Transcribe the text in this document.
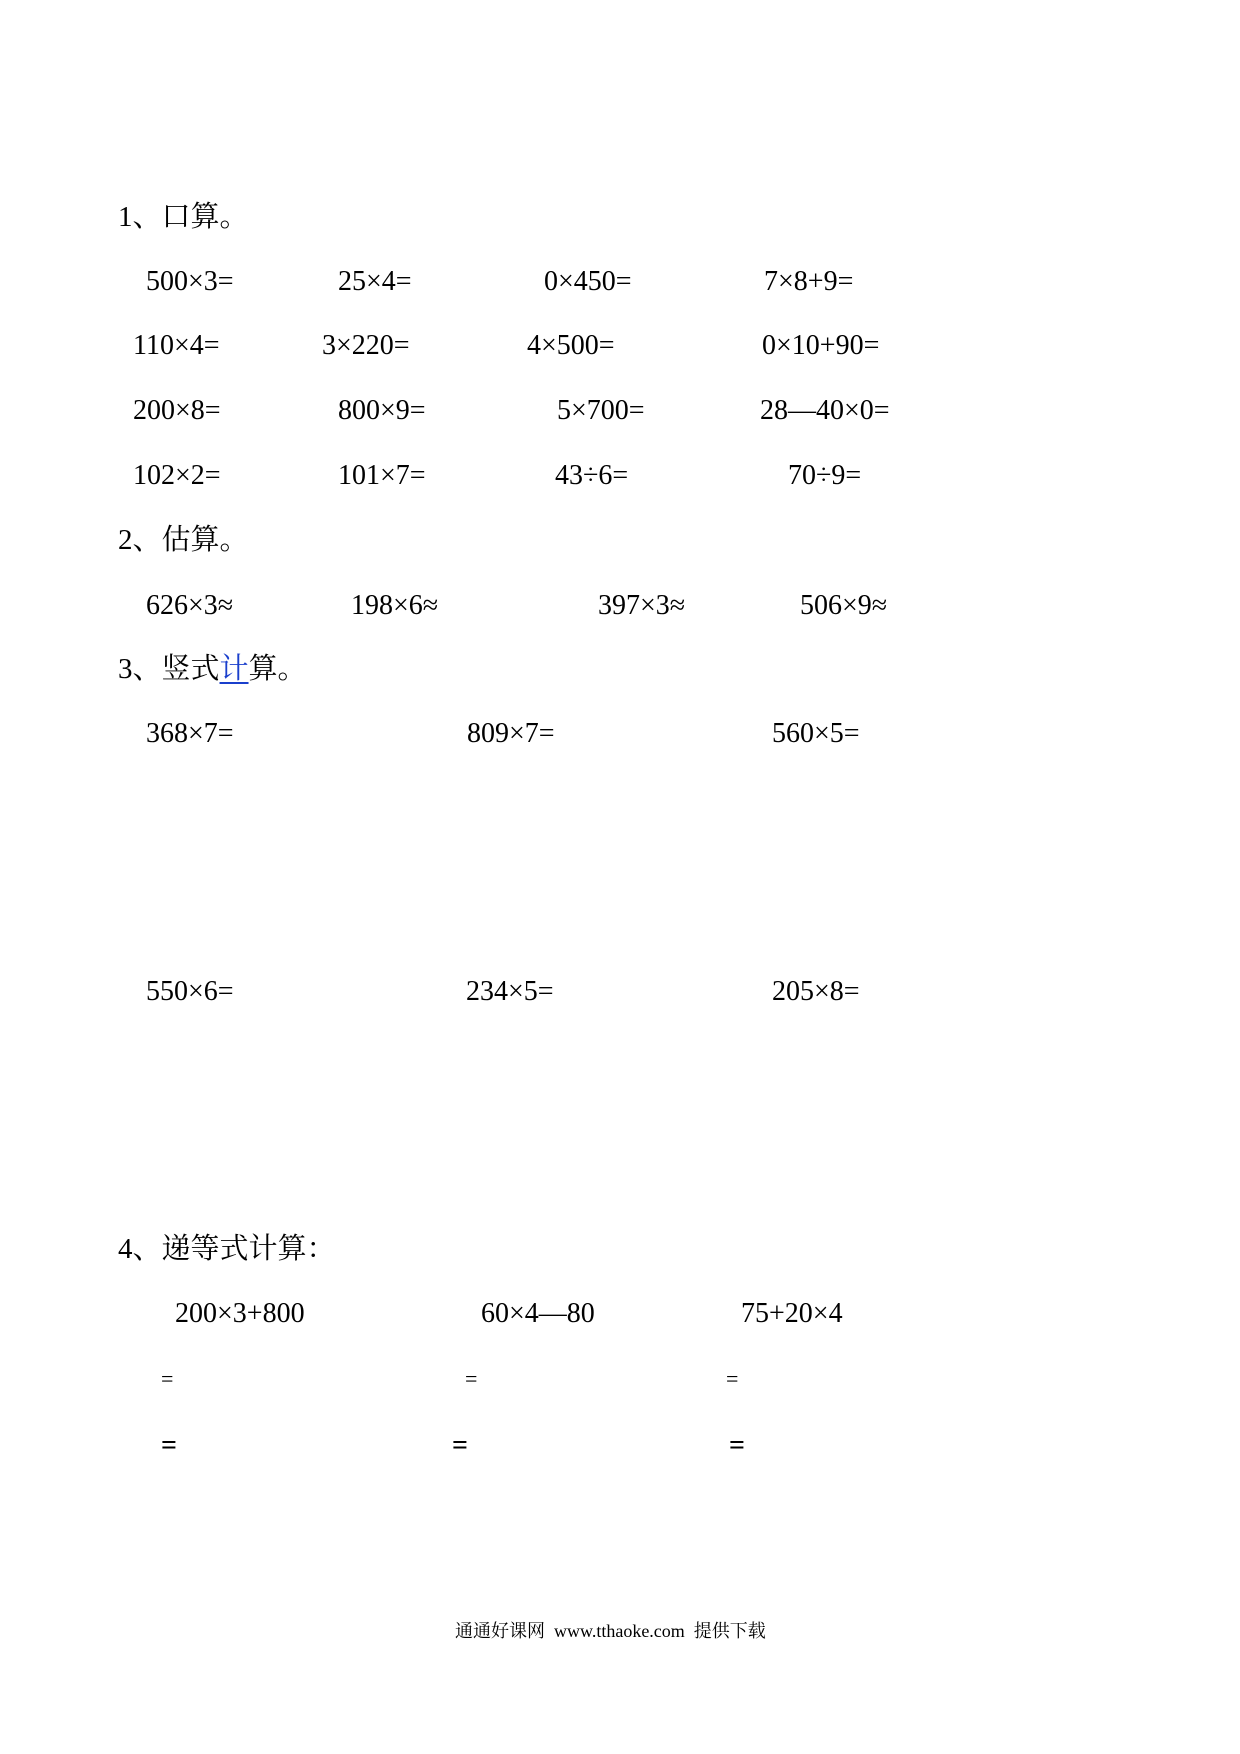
1、口算。
500×3=	25×4=	0×450=	7×8+9=
110×4=	3×220=	4×500=	0×10+90=
200×8=	800×9=	5×700=	28—40×0=
102×2=	101×7=	43÷6=	70÷9=
2、估算。
626×3≈	198×6≈	397×3≈	506×9≈
3、竖式计算。
368×7=	809×7=	560×5=
550×6=	234×5=	205×8=
4、递等式计算：
200×3+800	60×4—80	75+20×4
=	=	=
=	=	=
通通好课网  www.tthaoke.com  提供下载
